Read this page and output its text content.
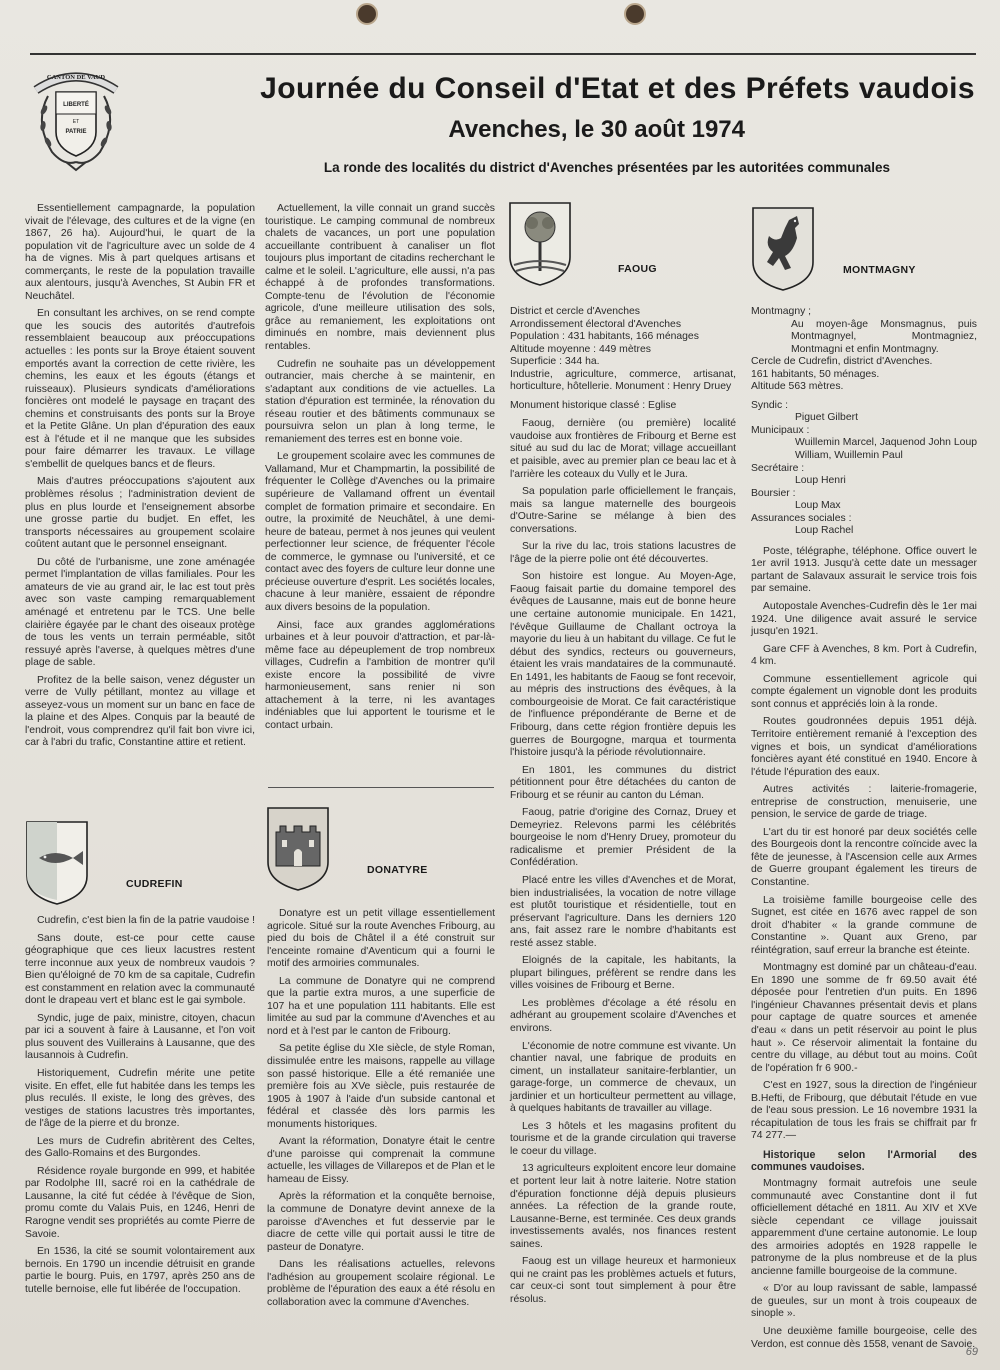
CANTON DE VAUD
LIBERTÉ
ET
PATRIE
Journée du Conseil d'Etat et des Préfets vaudois
Avenches, le 30 août 1974
La ronde des localités du district d'Avenches présentées par les autoritées communales

Essentiellement campagnarde, la population vivait de l'élevage, des cultures et de la vigne (en 1867, 26 ha). Aujourd'hui, le quart de la population vit de l'agriculture avec un solde de 4 ha de vignes. Mis à part quelques artisans et commerçants, le reste de la population travaille aux alentours, jusqu'à Avenches, St Aubin FR et Neuchâtel.

En consultant les archives, on se rend compte que les soucis des autorités d'autrefois ressemblaient beaucoup aux préoccupations actuelles : les ponts sur la Broye étaient souvent emportés avant la correction de cette rivière, les chemins, les eaux et les égouts (étangs et ruisseaux). Plusieurs syndicats d'améliorations foncières ont modelé le paysage en traçant des chemins et construisants des ponts sur la Broye et la Petite Glâne. Un plan d'épuration des eaux est à l'étude et il ne manque que les subsides pour faire démarrer les travaux. Le village s'embellit de quelques bancs et de fleurs.

Mais d'autres préoccupations s'ajoutent aux problèmes résolus ; l'administration devient de plus en plus lourde et l'enseignement absorbe une grosse partie du budjet. En effet, les transports nécessaires au groupement scolaire coûtent autant que le personnel enseignant.

Du côté de l'urbanisme, une zone aménagée permet l'implantation de villas familiales. Pour les amateurs de vie au grand air, le lac est tout près avec son vaste camping remarquablement aménagé et entretenu par le TCS. Une belle clairière égayée par le chant des oiseaux protège de tous les vents un terrain perméable, sitôt ressuyé après l'averse, à quelques mètres d'une plage de sable.

Profitez de la belle saison, venez déguster un verre de Vully pétillant, montez au village et asseyez-vous un moment sur un banc en face de la plaine et des Alpes. Conquis par la beauté de l'endroit, vous comprendrez qu'il fait bon vivre ici, car à l'abri du trafic, Constantine attire et retient.

Actuellement, la ville connait un grand succès touristique. Le camping communal de nombreux chalets de vacances, un port une population accueillante contribuent à canaliser un flot toujours plus important de citadins recherchant le calme et le soleil. L'agriculture, elle aussi, n'a pas échappé à de profondes transformations. Compte-tenu de l'évolution de l'économie agricole, d'une meilleure utilisation des sols, grâce au remaniement, les exploitations ont diminués en nombre, mais deviennent plus rentables.

Cudrefin ne souhaite pas un développement outrancier, mais cherche à se maintenir, en s'adaptant aux conditions de vie actuelles. La station d'épuration est terminée, la rénovation du réseau routier et des bâtiments communaux se poursuivra selon un plan à long terme, le remaniement des terres est en bonne voie.

Le groupement scolaire avec les communes de Vallamand, Mur et Champmartin, la possibilité de fréquenter le Collège d'Avenches ou la primaire supérieure de Vallamand offrent un éventail complet de formation primaire et secondaire. En outre, la proximité de Neuchâtel, à une demi-heure de bateau, permet à nos jeunes qui veulent perfectionner leur science, de fréquenter l'école de commerce, le gymnase ou l'université, et ce contact avec des foyers de culture leur donne une précieuse ouverture d'esprit. Les sociétés locales, chacune à leur manière, essaient de répondre aux divers besoins de la population.

Ainsi, face aux grandes agglomérations urbaines et à leur pouvoir d'attraction, et par-là-même face au dépeuplement de trop nombreux villages, Cudrefin a l'ambition de montrer qu'il existe encore la possibilité de vivre harmonieusement, sans renier ni son attachement à la terre, ni les avantages indéniables que lui apportent le tourisme et le contact urbain.

CUDREFIN

Cudrefin, c'est bien la fin de la patrie vaudoise !

Sans doute, est-ce pour cette cause géographique que ces lieux lacustres restent terre inconnue aux yeux de nombreux vaudois ? Bien qu'éloigné de 70 km de sa capitale, Cudrefin est constamment en relation avec la communauté dont le drapeau vert et blanc est le gai symbole.

Syndic, juge de paix, ministre, citoyen, chacun par ici a souvent à faire à Lausanne, et l'on voit plus souvent des Vuillerains à Lausanne, que des lausannois à Cudrefin.

Historiquement, Cudrefin mérite une petite visite. En effet, elle fut habitée dans les temps les plus reculés. Il existe, le long des grèves, des vestiges de stations lacustres très importantes, de l'âge de la pierre et du bronze.

Les murs de Cudrefin abritèrent des Celtes, des Gallo-Romains et des Burgondes.

Résidence royale burgonde en 999, et habitée par Rodolphe III, sacré roi en la cathédrale de Lausanne, la cité fut cédée à l'évêque de Sion, promu comte du Valais Puis, en 1246, Henri de Rarogne vendit ses propriétés au comte Pierre de Savoie.

En 1536, la cité se soumit volontairement aux bernois. En 1790 un incendie détruisit en grande partie le bourg. Puis, en 1797, après 250 ans de tutelle bernoise, elle fut libérée de l'occupation.

DONATYRE

Donatyre est un petit village essentiellement agricole. Situé sur la route Avenches Fribourg, au pied du bois de Châtel il a été construit sur l'enceinte romaine d'Aventicum qui a fourni le motif des armoiries communales.

La commune de Donatyre qui ne comprend que la partie extra muros, a une superficie de 107 ha et une population 111 habitants. Elle est limitée au sud par la commune d'Avenches et au nord et à l'est par le canton de Fribourg.

Sa petite église du XIe siècle, de style Roman, dissimulée entre les maisons, rappelle au village son passé historique. Elle a été remaniée une première fois au XVe siècle, puis restaurée de 1905 à 1907 à l'aide d'un subside cantonal et fédéral et classée dès lors parmis les monuments historiques.

Avant la réformation, Donatyre était le centre d'une paroisse qui comprenait la commune actuelle, les villages de Villarepos et de Plan et le hameau de Eissy.

Après la réformation et la conquête bernoise, la commune de Donatyre devint annexe de la paroisse d'Avenches et fut desservie par le diacre de cette ville qui portait aussi le titre de pasteur de Donatyre.

Dans les réalisations actuelles, relevons l'adhésion au groupement scolaire régional. Le problème de l'épuration des eaux a été résolu en collaboration avec la commune d'Avenches.

FAOUG

District et cercle d'Avenches

Arrondissement électoral d'Avenches

Population : 431 habitants, 166 ménages

Altitude moyenne : 449 mètres

Superficie : 344 ha.

Industrie, agriculture, commerce, artisanat, horticulture, hôtellerie. Monument : Henry Druey

Monument historique classé : Eglise

Faoug, dernière (ou première) localité vaudoise aux frontières de Fribourg et Berne est situé au sud du lac de Morat; village accueillant et paisible, avec au premier plan ce beau lac et à l'arrière les coteaux du Vully et le Jura.

Sa population parle officiellement le français, mais sa langue maternelle des bourgeois d'Outre-Sarine se mélange à bien des conversations.

Sur la rive du lac, trois stations lacustres de l'âge de la pierre polie ont été découvertes.

Son histoire est longue. Au Moyen-Age, Faoug faisait partie du domaine temporel des évêques de Lausanne, mais eut de bonne heure une certaine autonomie municipale. En 1421, l'évêque Guillaume de Challant octroya la mayorie du lieu à un habitant du village. Ce fut le début des syndics, recteurs ou gouverneurs, étaient les vrais mandataires de la communauté. En 1491, les habitants de Faoug se font recevoir, au mépris des instructions des évêques, à la combourgeoisie de Morat. Ce fait caractéristique de l'influence prépondérante de Berne et de Fribourg, dans cette région frontière depuis les guerres de Bourgogne, marqua et tourmenta l'histoire jusqu'à la période révolutionnaire.

En 1801, les communes du district pétitionnent pour être détachées du canton de Fribourg et se réunir au canton du Léman.

Faoug, patrie d'origine des Cornaz, Druey et Demeyriez. Relevons parmi les célébrités bourgeoise le nom d'Henry Druey, promoteur du radicalisme et premier Président de la Confédération.

Placé entre les villes d'Avenches et de Morat, bien industrialisées, la vocation de notre village est plutôt touristique et résidentielle, tout en préservant l'agriculture. Dans les derniers 120 ans, fait assez rare le nombre d'habitants est resté assez stable.

Eloignés de la capitale, les habitants, la plupart bilingues, préfèrent se rendre dans les villes voisines de Fribourg et Berne.

Les problèmes d'écolage a été résolu en adhérant au groupement scolaire d'Avenches et environs.

L'économie de notre commune est vivante. Un chantier naval, une fabrique de produits en ciment, un installateur sanitaire-ferblantier, un garage-forge, un commerce de chevaux, un jardinier et un horticulteur permettent au village, à quelques habitants de travailler au village.

Les 3 hôtels et les magasins profitent du tourisme et de la grande circulation qui traverse le coeur du village.

13 agriculteurs exploitent encore leur domaine et portent leur lait à notre laiterie. Notre station d'épuration fonctionne déjà depuis plusieurs années. La réfection de la grande route, Lausanne-Berne, est terminée. Ces deux grands investissements avalés, nos finances restent saines.

Faoug est un village heureux et harmonieux qui ne craint pas les problèmes actuels et futurs, car ceux-ci sont tout simplement à pour être résolus.

MONTMAGNY

Montmagny ;

Au moyen-âge Monsmagnus, puis Montmagnyel, Montmagniez, Montmagni et enfin Montmagny.

Cercle de Cudrefin, district d'Avenches.

161 habitants, 50 ménages.

Altitude 563 mètres.

Syndic :

Piguet Gilbert

Municipaux :

Wuillemin Marcel, Jaquenod John Loup William, Wuillemin Paul

Secrétaire :

Loup Henri

Boursier :

Loup Max

Assurances sociales :

Loup Rachel

Poste, télégraphe, téléphone. Office ouvert le 1er avril 1913. Jusqu'à cette date un messager partant de Salavaux assurait le service trois fois par semaine.

Autopostale Avenches-Cudrefin dès le 1er mai 1924. Une diligence avait assuré le service jusqu'en 1921.

Gare CFF à Avenches, 8 km. Port à Cudrefin, 4 km.

Commune essentiellement agricole qui compte également un vignoble dont les produits sont connus et appréciés loin à la ronde.

Routes goudronnées depuis 1951 déjà. Territoire entièrement remanié à l'exception des vignes et bois, un syndicat d'améliorations foncières ayant été constitué en 1940. Encore à l'étude l'épuration des eaux.

Autres activités : laiterie-fromagerie, entreprise de construction, menuiserie, une pension, le service de garde de triage.

L'art du tir est honoré par deux sociétés celle des Bourgeois dont la rencontre coïncide avec la fête de jeunesse, à l'Ascension celle aux Armes de Guerre groupant également les tireurs de Constantine.

La troisième famille bourgeoise celle des Sugnet, est citée en 1676 avec rappel de son droit d'habiter « la grande commune de Constantine ». Quant aux Greno, par réintégration, sauf erreur la branche est éteinte.

Montmagny est dominé par un château-d'eau. En 1890 une somme de fr 69.50 avait été déposée pour l'entretien d'un puits. En 1896 l'ingénieur Chavannes présentait devis et plans pour captage de quatre sources et amenée d'eau « dans un petit réservoir au point le plus haut ». Ce réservoir alimentait la fontaine du centre du village, au début tout au moins. Coût de l'opération fr 6 900.-

C'est en 1927, sous la direction de l'ingénieur B.Hefti, de Fribourg, que débutait l'étude en vue de l'eau sous pression. Le 16 novembre 1931 la récapitulation de tous les frais se chiffrait par fr 74 277.—

Historique selon l'Armorial des communes vaudoises.

Montmagny formait autrefois une seule communauté avec Constantine dont il fut officiellement détaché en 1811. Au XIV et XVe siècle cependant ce village jouissait apparemment d'une certaine autonomie. Le loup des armoiries adoptés en 1928 rappelle le patronyme de la plus nombreuse et de la plus ancienne famille bourgeoise de la commune.

« D'or au loup ravissant de sable, lampassé de gueules, sur un mont à trois coupeaux de sinople ».

Une deuxième famille bourgeoise, celle des Verdon, est connue dès 1558, venant de Savoie.

69
